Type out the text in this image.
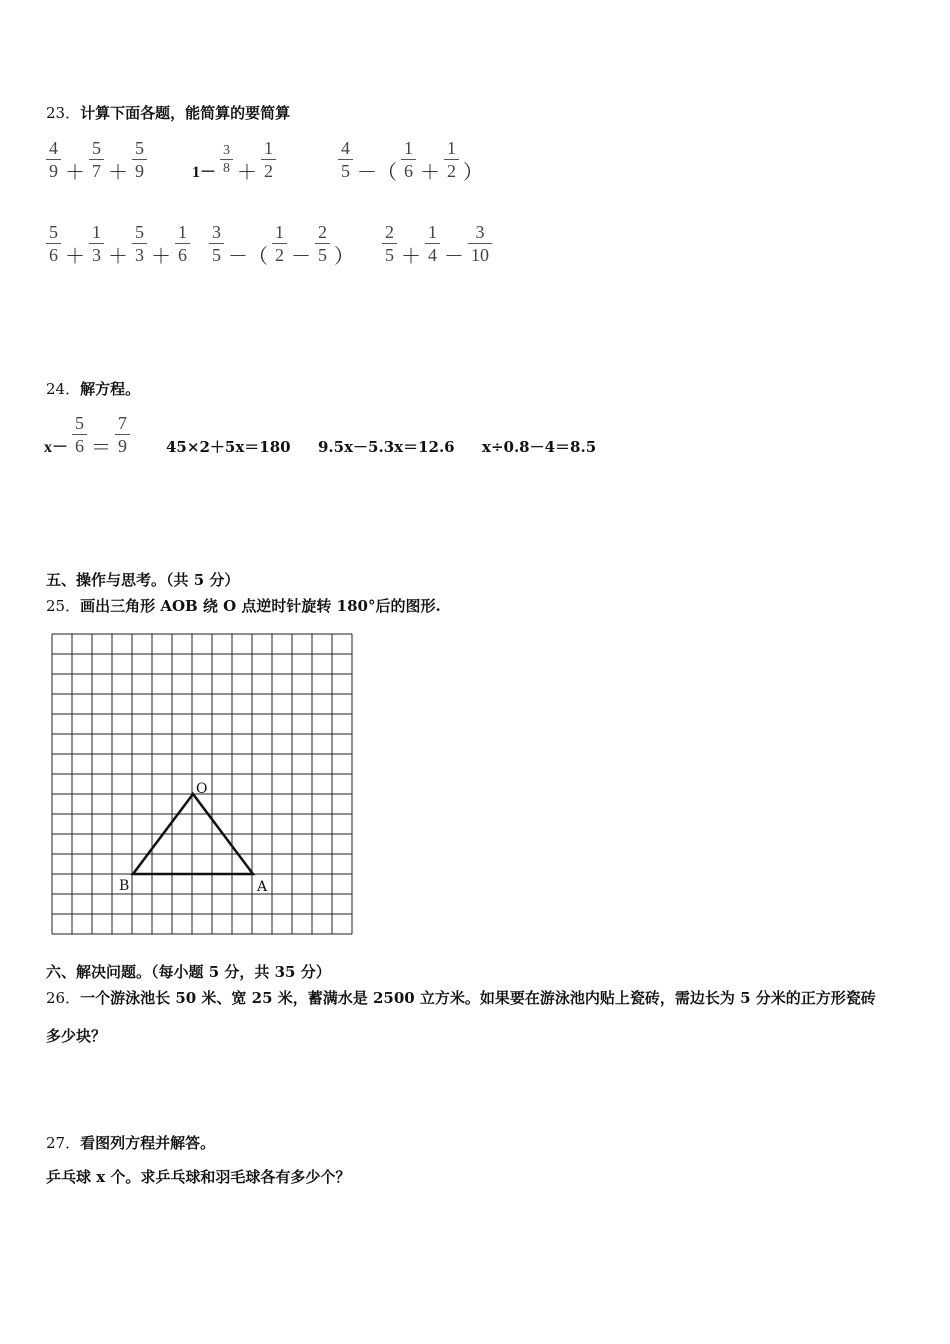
23．计算下面各题，能简算的要简算
$\frac{4}{9} + \frac{5}{7} + \frac{5}{9}$	$1- \frac{3}{8} + \frac{1}{2}$	$\frac{4}{5}$ －（ $\frac{1}{6} + \frac{1}{2}$ ）
$\frac{5}{6} + \frac{1}{3} + \frac{5}{3} + \frac{1}{6} \frac{3}{5}$ －（ $\frac{1}{2} - \frac{2}{5}$ ） $\frac{2}{5} + \frac{1}{4} - \frac{3}{10}$
24．解方程。
$x- \frac{5}{6} = \frac{7}{9} 45\times 2+5x=180$ 9.5x－5.3x＝12.6 x÷0.8－4＝8.5
五、操作与思考。（共 5 分）
25．画出三角形 AOB 绕 O 点逆时针旋转 180°后的图形.
O
B	A
六、解决问题。（每小题 5 分，共 35 分）
26．一个游泳池长 50 米、宽 25 米，蓄满水是 2500 立方米。如果要在游泳池内贴上瓷砖，需边长为 5 分米的正方形瓷砖
多少块？
27．看图列方程并解答。
乒乓球 x 个。求乒乓球和羽毛球各有多少个？
